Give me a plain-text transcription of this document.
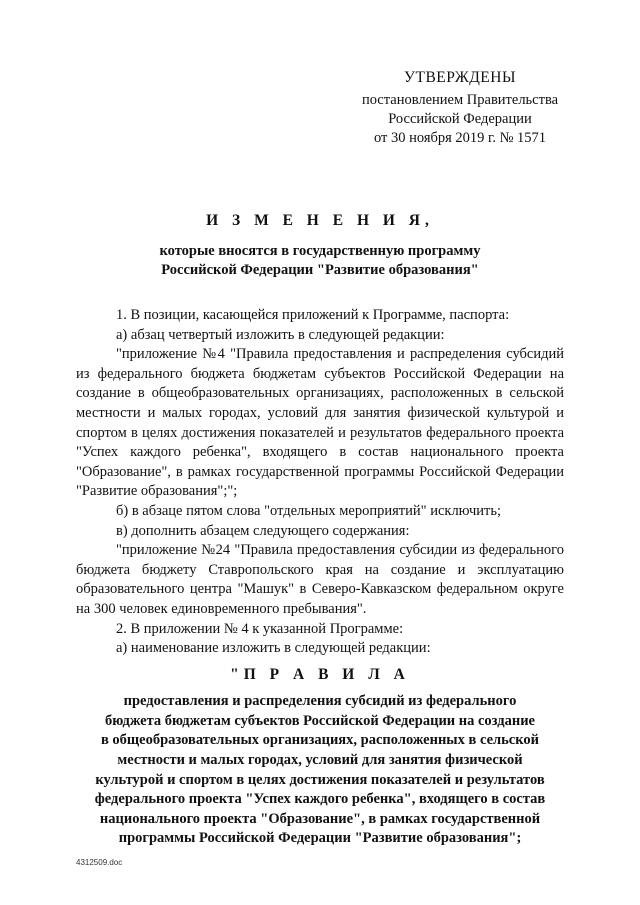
УТВЕРЖДЕНЫ
постановлением Правительства
Российской Федерации
от 30 ноября 2019 г. № 1571
И З М Е Н Е Н И Я,
которые вносятся в государственную программу
Российской Федерации "Развитие образования"

1. В позиции, касающейся приложений к Программе, паспорта:

а) абзац четвертый изложить в следующей редакции:

"приложение №4 "Правила предоставления и распределения субсидий из федерального бюджета бюджетам субъектов Российской Федерации на создание в общеобразовательных организациях, расположенных в сельской местности и малых городах, условий для занятия физической культурой и спортом в целях достижения показателей и результатов федерального проекта "Успех каждого ребенка", входящего в состав национального проекта "Образование", в рамках государственной программы Российской Федерации "Развитие образования";";

б) в абзаце пятом слова "отдельных мероприятий" исключить;

в) дополнить абзацем следующего содержания:

"приложение №24 "Правила предоставления субсидии из федерального бюджета бюджету Ставропольского края на создание и эксплуатацию образовательного центра "Машук" в Северо-Кавказском федеральном округе на 300 человек единовременного пребывания".

2. В приложении № 4 к указанной Программе:

а) наименование изложить в следующей редакции:

"П Р А В И Л А
предоставления и распределения субсидий из федерального
бюджета бюджетам субъектов Российской Федерации на создание
в общеобразовательных организациях, расположенных в сельской
местности и малых городах, условий для занятия физической
культурой и спортом в целях достижения показателей и результатов
федерального проекта "Успех каждого ребенка", входящего в состав
национального проекта "Образование", в рамках государственной
программы Российской Федерации "Развитие образования";
4312509.doc
